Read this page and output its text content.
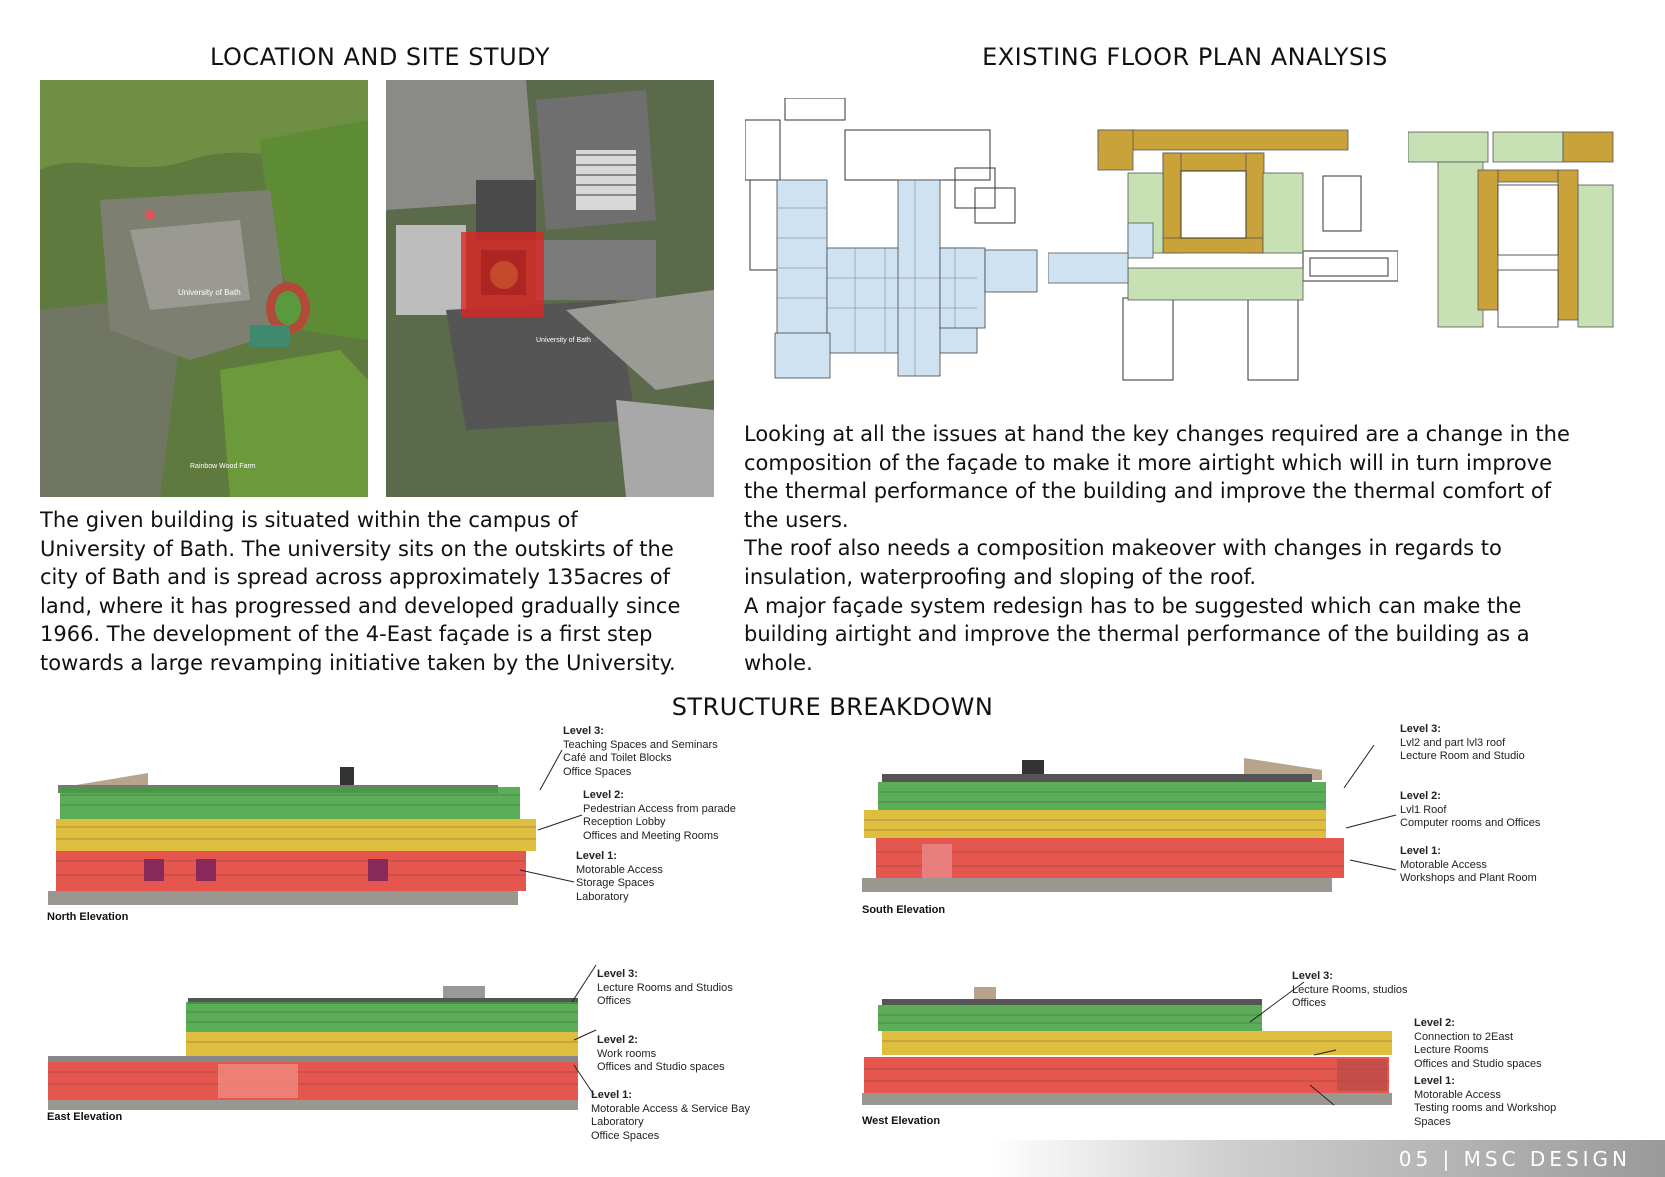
LOCATION AND SITE STUDY	EXISTING FLOOR PLAN ANALYSIS
STRUCTURE BREAKDOWN
University of Bath
Rainbow Wood Farm
University of Bath

The given building is situated within the campus of

University of Bath. The university sits on the outskirts of the

city of Bath and is spread across approximately 135acres of

land, where it has progressed and developed gradually since

1966. The development of the 4-East façade is a first step

towards a large revamping initiative taken by the University.

Looking at all the issues at hand the key changes required are a change in the

composition of the façade to make it more airtight which will in turn improve

the thermal performance of the building and improve the thermal comfort of

the users.

The roof also needs a composition makeover with changes in regards to

insulation, waterproofing and sloping of the roof.

A major façade system redesign has to be suggested which can make the

building airtight and improve the thermal performance of the building as a

whole.

North Elevation
Level 3:
Teaching Spaces and Seminars
Café and Toilet Blocks
Office Spaces
Level 2:
Pedestrian Access from parade
Reception Lobby
Offices and Meeting Rooms
Level 1:
Motorable Access
Storage Spaces
Laboratory
South Elevation
Level 3:
Lvl2 and part lvl3 roof
Lecture Room and Studio
Level 2:
Lvl1 Roof
Computer rooms and Offices
Level 1:
Motorable Access
Workshops and Plant Room
East Elevation
Level 3:
Lecture Rooms and Studios
Offices
Level 2:
Work rooms
Offices and Studio spaces
Level 1:
Motorable Access & Service Bay
Laboratory
Office Spaces
West Elevation
Level 3:
Lecture Rooms, studios
Offices
Level 2:
Connection to 2East
Lecture Rooms
Offices and Studio spaces
Level 1:
Motorable Access
Testing rooms and Workshop
Spaces
05 | MSC DESIGN
